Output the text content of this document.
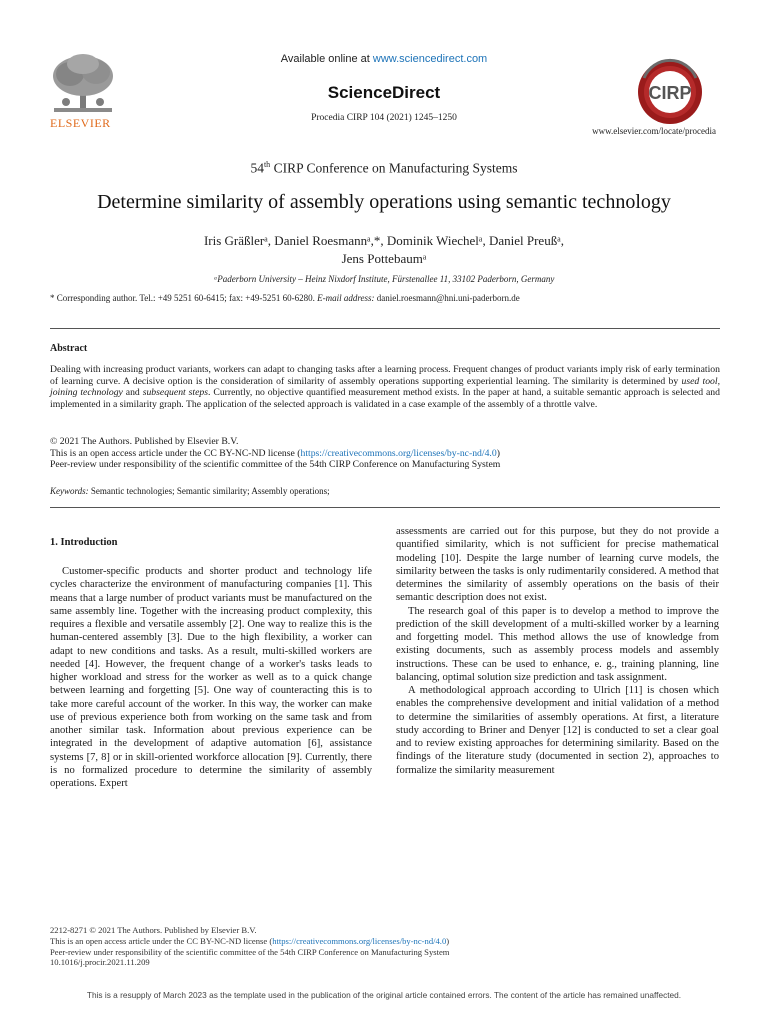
ELSEVIER
Available online at www.sciencedirect.com
ScienceDirect
Procedia CIRP 104 (2021) 1245–1250
CIRP
www.elsevier.com/locate/procedia
54th CIRP Conference on Manufacturing Systems
Determine similarity of assembly operations using semantic technology
Iris Gräßlerᵃ, Daniel Roesmannᵃ,*, Dominik Wiechelᵃ, Daniel Preußᵃ,
Jens Pottebaumᵃ
ᵃPaderborn University – Heinz Nixdorf Institute, Fürstenallee 11, 33102 Paderborn, Germany
* Corresponding author. Tel.: +49 5251 60-6415; fax: +49-5251 60-6280. E-mail address: daniel.roesmann@hni.uni-paderborn.de
Abstract
Dealing with increasing product variants, workers can adapt to changing tasks after a learning process. Frequent changes of product variants imply risk of early termination of learning curve. A decisive option is the consideration of similarity of assembly operations supporting experiential learning. The similarity is determined by used tool, joining technology and subsequent steps. Currently, no objective quantified measurement method exists. In the paper at hand, a suitable semantic approach is selected and implemented in a similarity graph. The application of the selected approach is validated in a case example of the assembly of a throttle valve.
© 2021 The Authors. Published by Elsevier B.V.
This is an open access article under the CC BY-NC-ND license (https://creativecommons.org/licenses/by-nc-nd/4.0)
Peer-review under responsibility of the scientific committee of the 54th CIRP Conference on Manufacturing System
Keywords: Semantic technologies; Semantic similarity; Assembly operations;
1. Introduction

Customer-specific products and shorter product and technology life cycles characterize the environment of manufacturing companies [1]. This means that a large number of product variants must be manufactured on the same assembly line. Together with the increasing product complexity, this requires a flexible and versatile assembly [2]. One way to realize this is the human-centered assembly [3]. Due to the high flexibility, a worker can adapt to new conditions and tasks. As a result, multi-skilled workers are needed [4]. However, the frequent change of a worker's tasks leads to higher workload and stress for the worker as well as to a quick change between learning and forgetting [5]. One way of counteracting this is to take more careful account of the worker. In this way, the worker can make use of previous experience both from working on the same task and from another similar task. Information about previous experience can be integrated in the development of adaptive automation [6], assistance systems [7, 8] or in skill-oriented workforce allocation [9]. Currently, there is no formalized procedure to determine the similarity of assembly operations. Expert

assessments are carried out for this purpose, but they do not provide a quantified similarity, which is not sufficient for precise mathematical modeling [10]. Despite the large number of learning curve models, the similarity between the tasks is only rudimentarily considered. A method that determines the similarity of assembly operations on the basis of their semantic description does not exist.

The research goal of this paper is to develop a method to improve the prediction of the skill development of a multi-skilled worker by a learning and forgetting model. This method allows the use of knowledge from existing documents, such as assembly process models and assembly instructions. These can be used to enhance, e. g., training planning, line balancing, optimal solution size prediction and task assignment.

A methodological approach according to Ulrich [11] is chosen which enables the comprehensive development and initial validation of a method to determine the similarities of assembly operations. At first, a literature study according to Briner and Denyer [12] is conducted to set a clear goal and to review existing approaches for determining similarity. Based on the findings of the literature study (documented in section 2), approaches to formalize the similarity measurement

2212-8271 © 2021 The Authors. Published by Elsevier B.V.
This is an open access article under the CC BY-NC-ND license (https://creativecommons.org/licenses/by-nc-nd/4.0)
Peer-review under responsibility of the scientific committee of the 54th CIRP Conference on Manufacturing System
10.1016/j.procir.2021.11.209
This is a resupply of March 2023 as the template used in the publication of the original article contained errors. The content of the article has remained unaffected.
